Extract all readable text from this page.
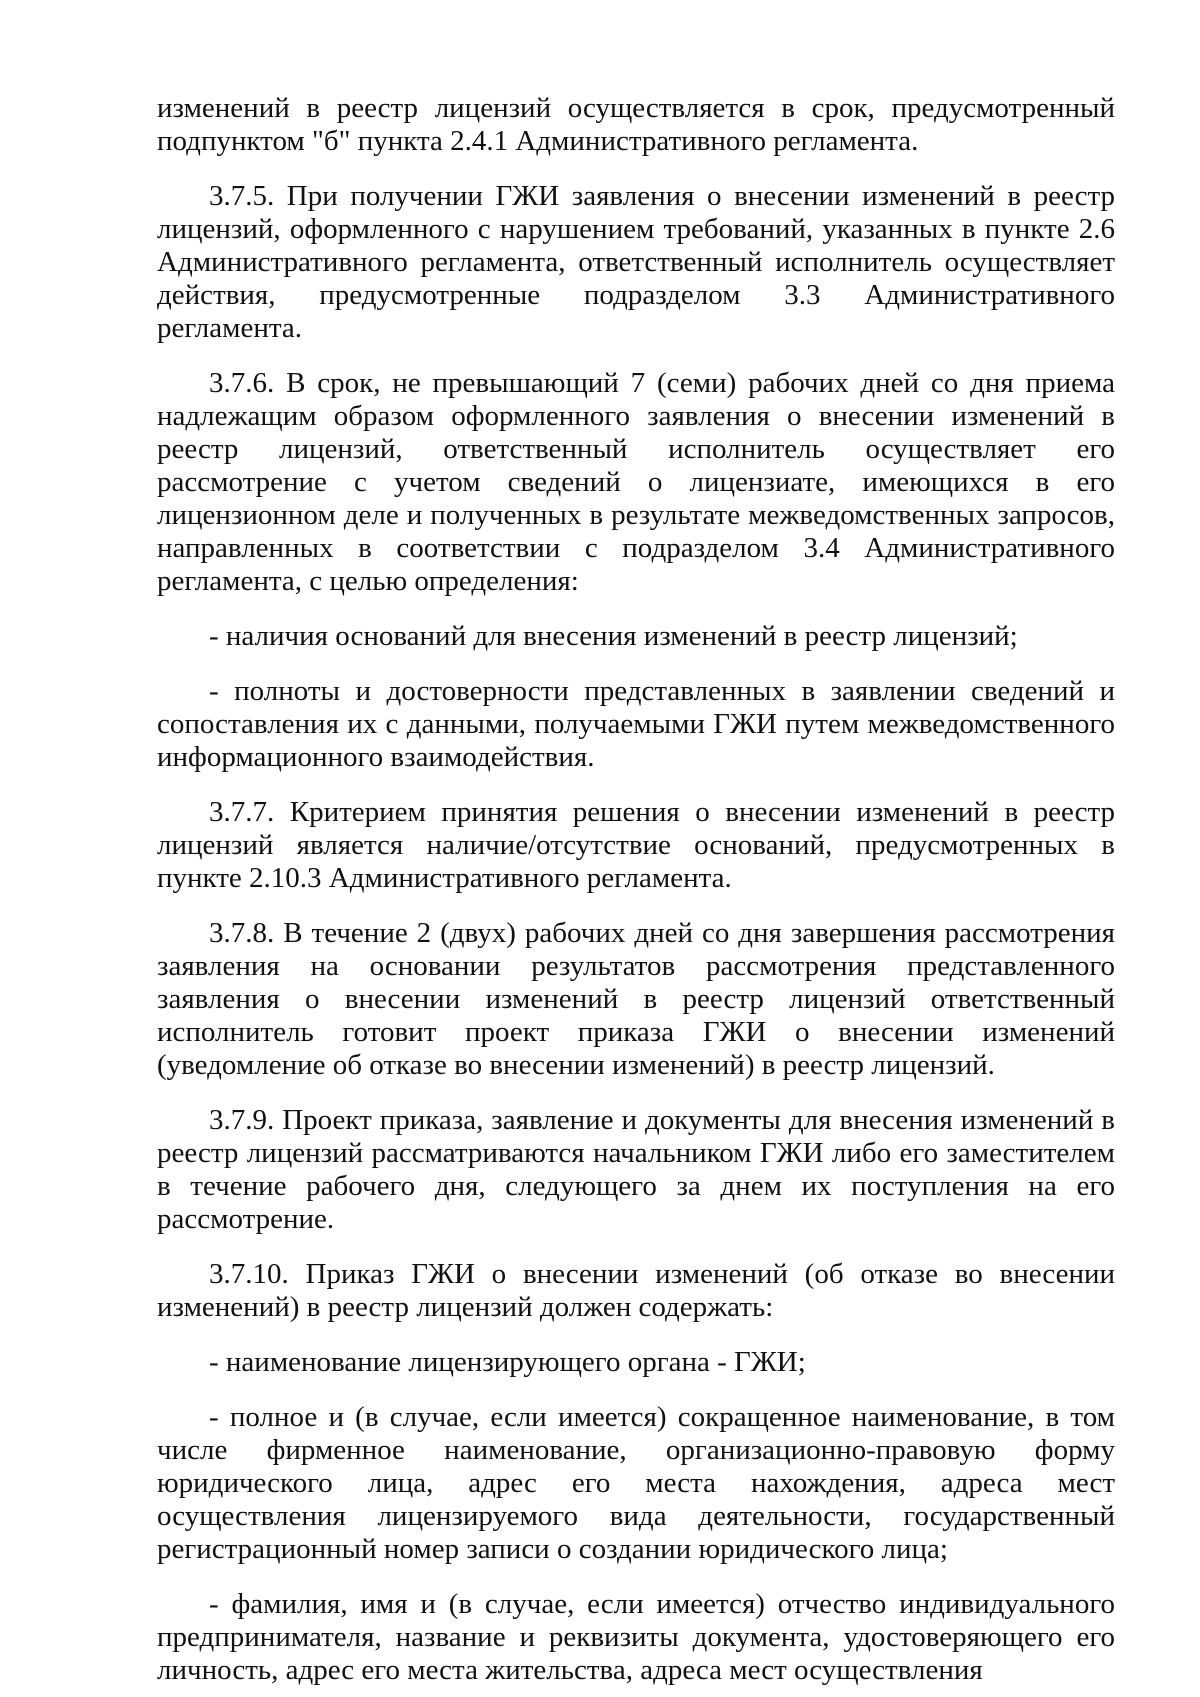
изменений в реестр лицензий осуществляется в срок, предусмотренный подпунктом "б" пункта 2.4.1 Административного регламента.

3.7.5. При получении ГЖИ заявления о внесении изменений в реестр лицензий, оформленного с нарушением требований, указанных в пункте 2.6 Административного регламента, ответственный исполнитель осуществляет действия, предусмотренные подразделом 3.3 Административного регламента.

3.7.6. В срок, не превышающий 7 (семи) рабочих дней со дня приема надлежащим образом оформленного заявления о внесении изменений в реестр лицензий, ответственный исполнитель осуществляет его рассмотрение с учетом сведений о лицензиате, имеющихся в его лицензионном деле и полученных в результате межведомственных запросов, направленных в соответствии с подразделом 3.4 Административного регламента, с целью определения:

- наличия оснований для внесения изменений в реестр лицензий;

- полноты и достоверности представленных в заявлении сведений и сопоставления их с данными, получаемыми ГЖИ путем межведомственного информационного взаимодействия.

3.7.7. Критерием принятия решения о внесении изменений в реестр лицензий является наличие/отсутствие оснований, предусмотренных в пункте 2.10.3 Административного регламента.

3.7.8. В течение 2 (двух) рабочих дней со дня завершения рассмотрения заявления на основании результатов рассмотрения представленного заявления о внесении изменений в реестр лицензий ответственный исполнитель готовит проект приказа ГЖИ о внесении изменений (уведомление об отказе во внесении изменений) в реестр лицензий.

3.7.9. Проект приказа, заявление и документы для внесения изменений в реестр лицензий рассматриваются начальником ГЖИ либо его заместителем в течение рабочего дня, следующего за днем их поступления на его рассмотрение.

3.7.10. Приказ ГЖИ о внесении изменений (об отказе во внесении изменений) в реестр лицензий должен содержать:

- наименование лицензирующего органа - ГЖИ;

- полное и (в случае, если имеется) сокращенное наименование, в том числе фирменное наименование, организационно-правовую форму юридического лица, адрес его места нахождения, адреса мест осуществления лицензируемого вида деятельности, государственный регистрационный номер записи о создании юридического лица;

- фамилия, имя и (в случае, если имеется) отчество индивидуального предпринимателя, название и реквизиты документа, удостоверяющего его личность, адрес его места жительства, адреса мест осуществления
